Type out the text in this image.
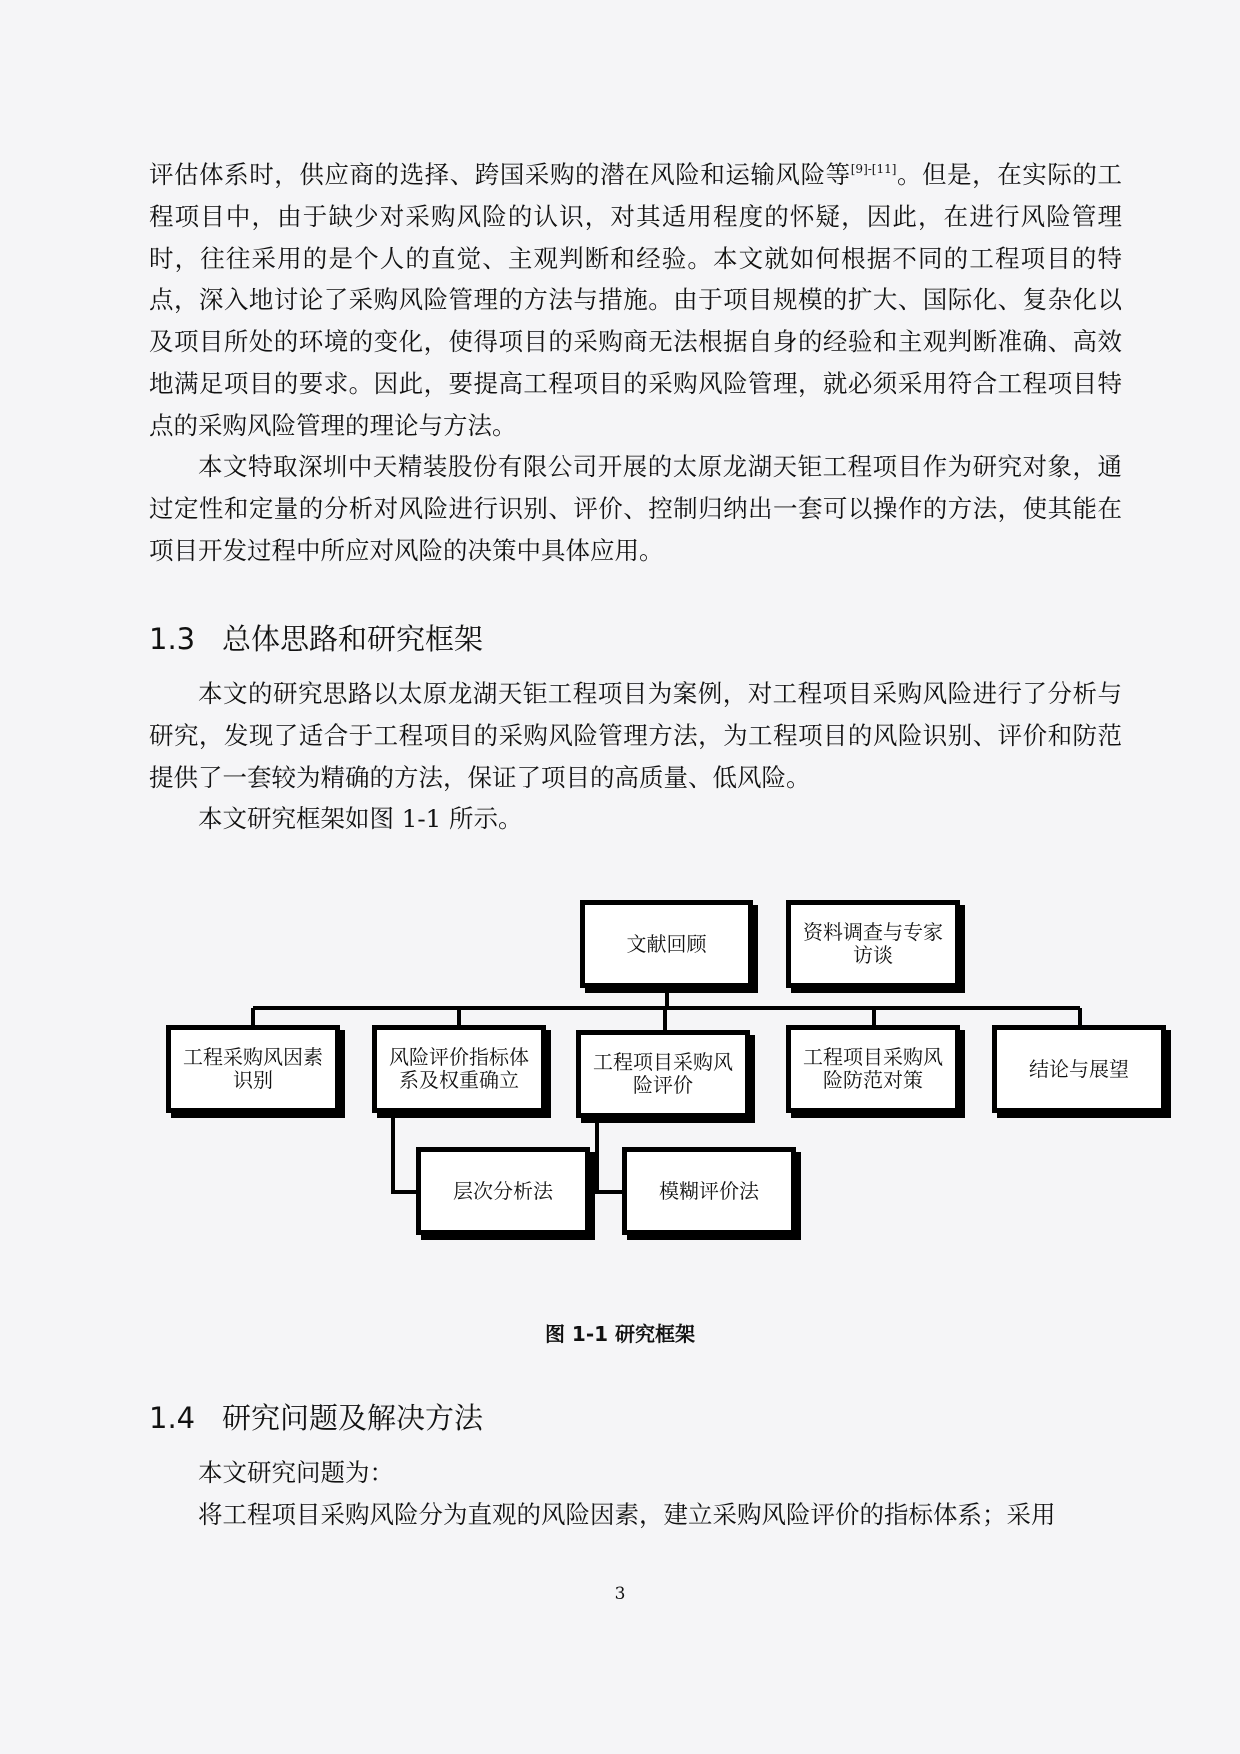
评估体系时，供应商的选择、跨国采购的潜在风险和运输风险等[9]-[11]。但是，在实际的工程项目中，由于缺少对采购风险的认识，对其适用程度的怀疑，因此，在进行风险管理时，往往采用的是个人的直觉、主观判断和经验。本文就如何根据不同的工程项目的特点，深入地讨论了采购风险管理的方法与措施。由于项目规模的扩大、国际化、复杂化以及项目所处的环境的变化，使得项目的采购商无法根据自身的经验和主观判断准确、高效地满足项目的要求。因此，要提高工程项目的采购风险管理，就必须采用符合工程项目特点的采购风险管理的理论与方法。

本文特取深圳中天精装股份有限公司开展的太原龙湖天钜工程项目作为研究对象，通过定性和定量的分析对风险进行识别、评价、控制归纳出一套可以操作的方法，使其能在项目开发过程中所应对风险的决策中具体应用。

1.3 总体思路和研究框架

本文的研究思路以太原龙湖天钜工程项目为案例，对工程项目采购风险进行了分析与研究，发现了适合于工程项目的采购风险管理方法，为工程项目的风险识别、评价和防范提供了一套较为精确的方法，保证了项目的高质量、低风险。

本文研究框架如图 1-1 所示。

文献回顾	资料调查与专家访谈
工程采购风因素识别
风险评价指标体系及权重确立
工程项目采购风险评价
工程项目采购风险防范对策	结论与展望
层次分析法	模糊评价法

图 1-1 研究框架

1.4 研究问题及解决方法

本文研究问题为：

将工程项目采购风险分为直观的风险因素，建立采购风险评价的指标体系；采用

3
